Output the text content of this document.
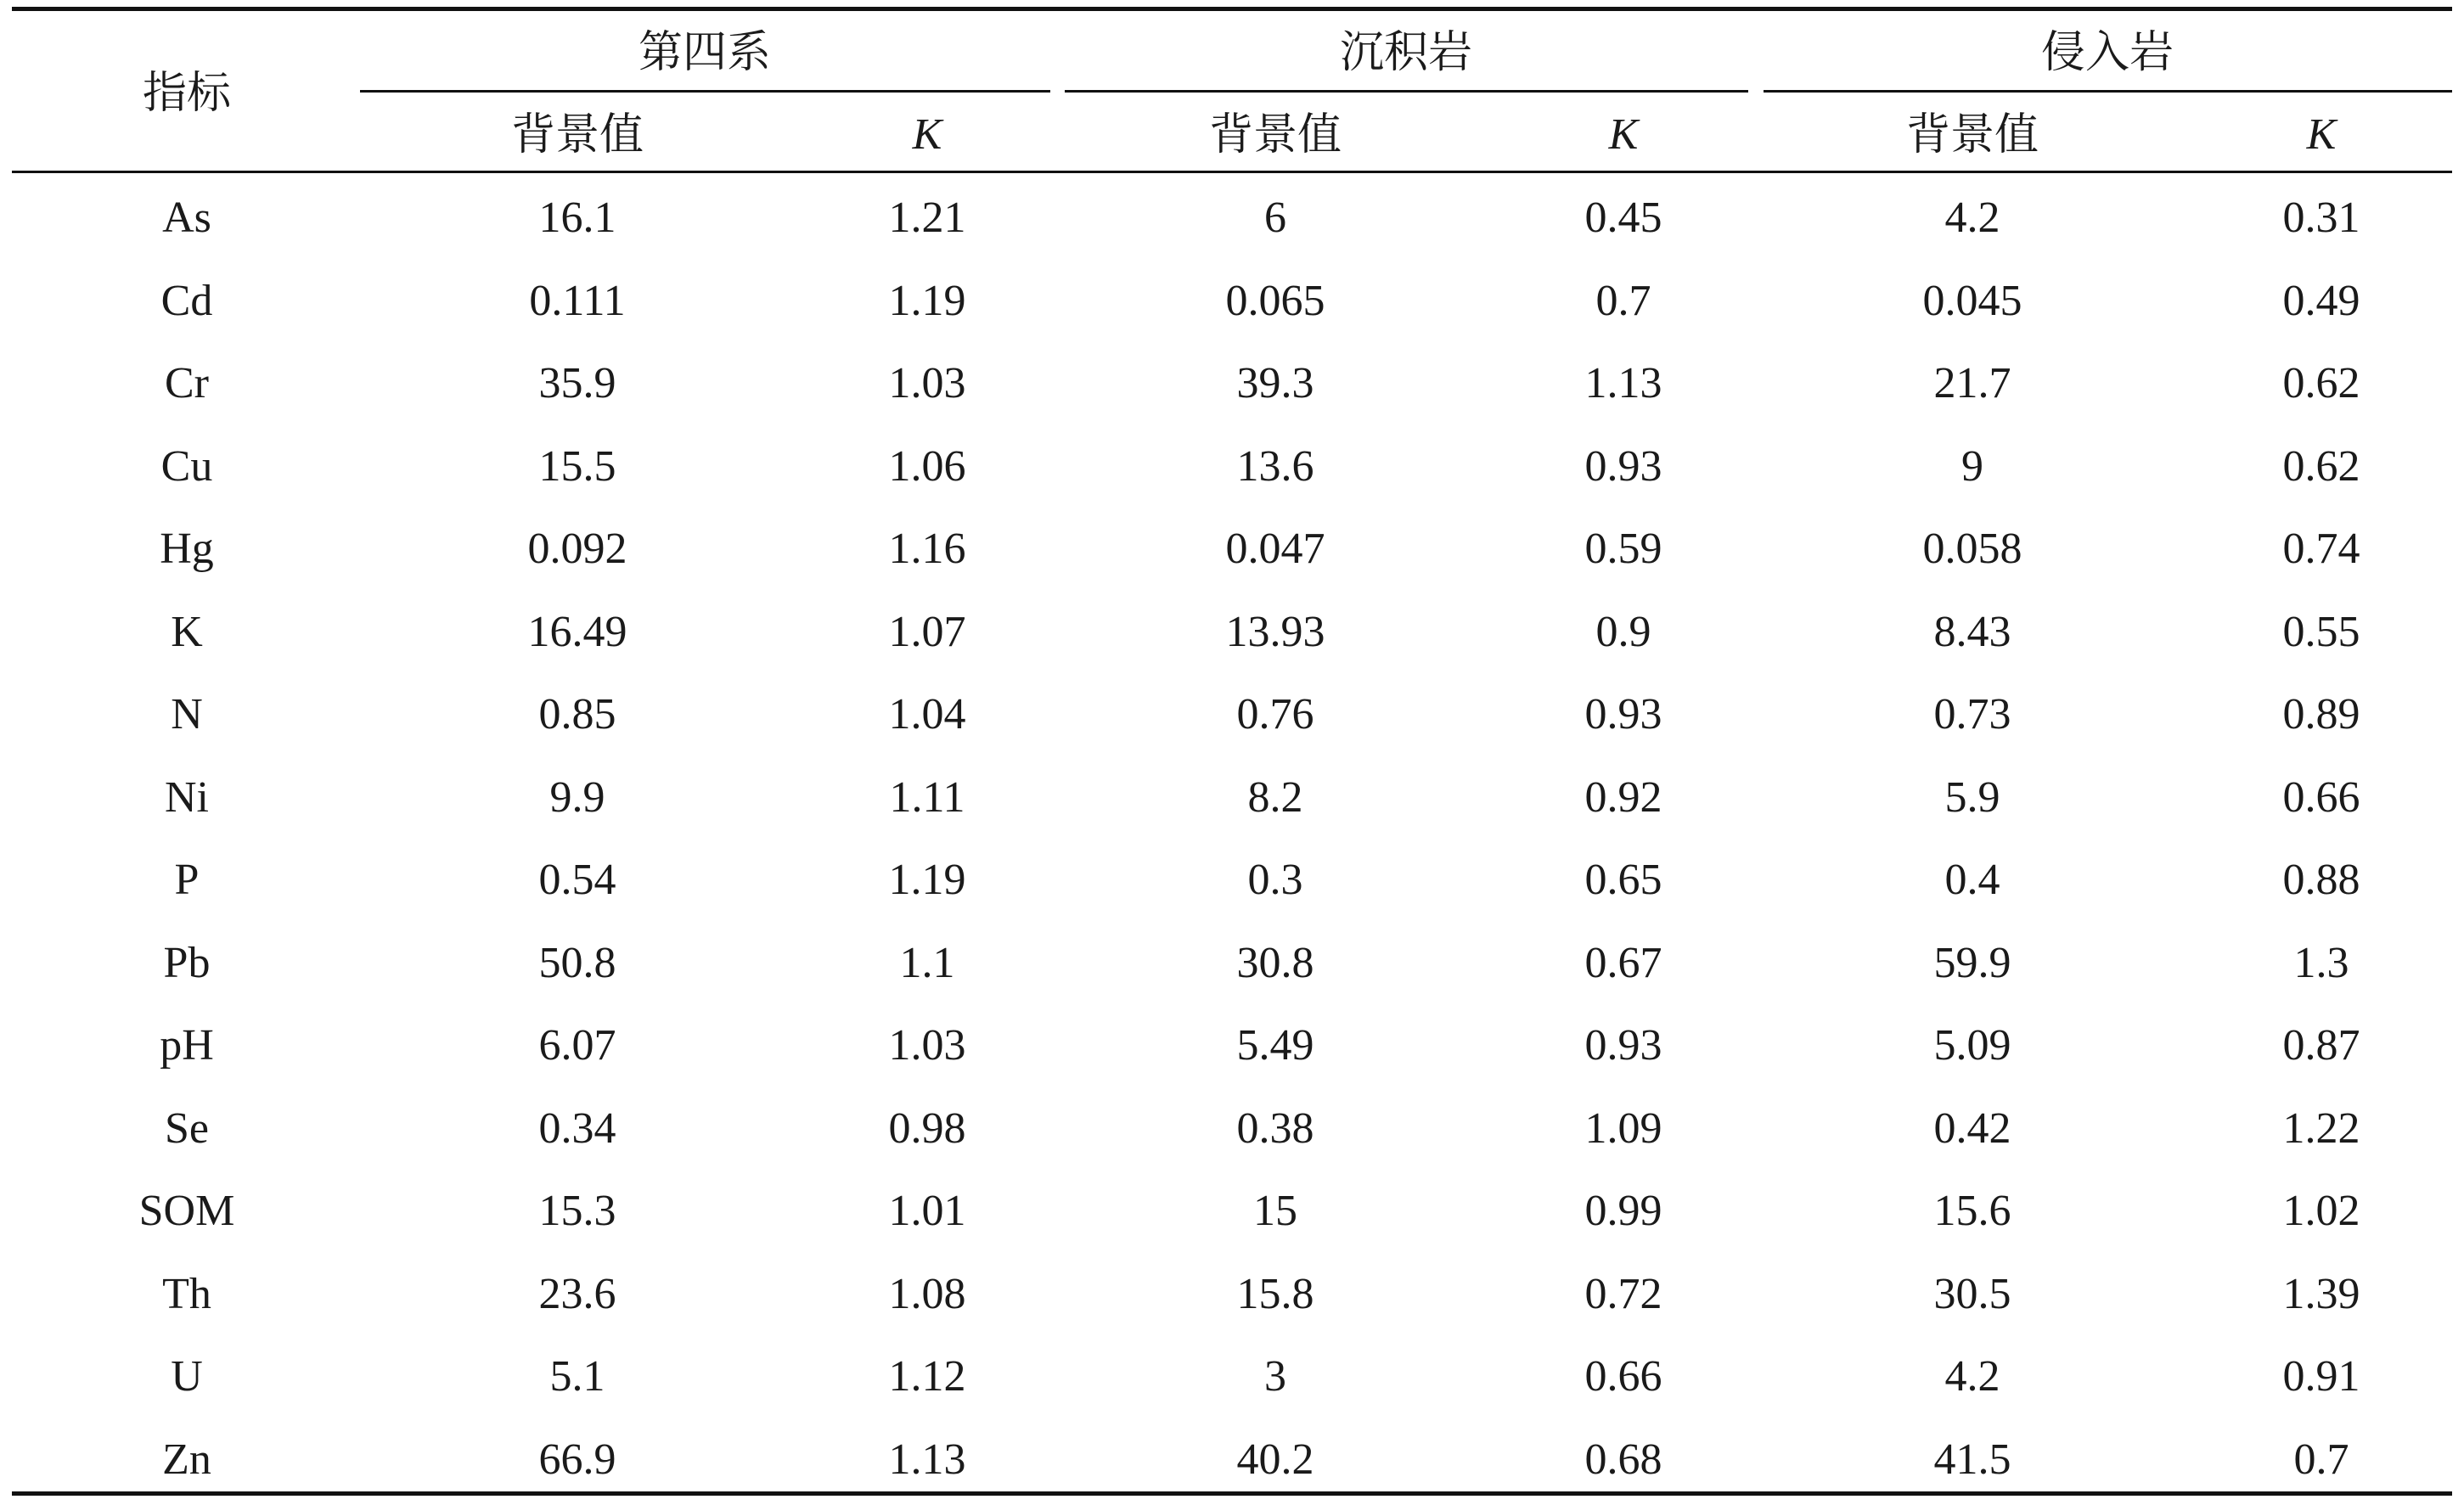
指标
第四系	沉积岩	侵入岩
背景值	K	背景值	K	背景值	K
As	16.1	1.21	6	0.45	4.2	0.31
Cd	0.111	1.19	0.065	0.7	0.045	0.49
Cr	35.9	1.03	39.3	1.13	21.7	0.62
Cu	15.5	1.06	13.6	0.93	9	0.62
Hg	0.092	1.16	0.047	0.59	0.058	0.74
K	16.49	1.07	13.93	0.9	8.43	0.55
N	0.85	1.04	0.76	0.93	0.73	0.89
Ni	9.9	1.11	8.2	0.92	5.9	0.66
P	0.54	1.19	0.3	0.65	0.4	0.88
Pb	50.8	1.1	30.8	0.67	59.9	1.3
pH	6.07	1.03	5.49	0.93	5.09	0.87
Se	0.34	0.98	0.38	1.09	0.42	1.22
SOM	15.3	1.01	15	0.99	15.6	1.02
Th	23.6	1.08	15.8	0.72	30.5	1.39
U	5.1	1.12	3	0.66	4.2	0.91
Zn	66.9	1.13	40.2	0.68	41.5	0.7
